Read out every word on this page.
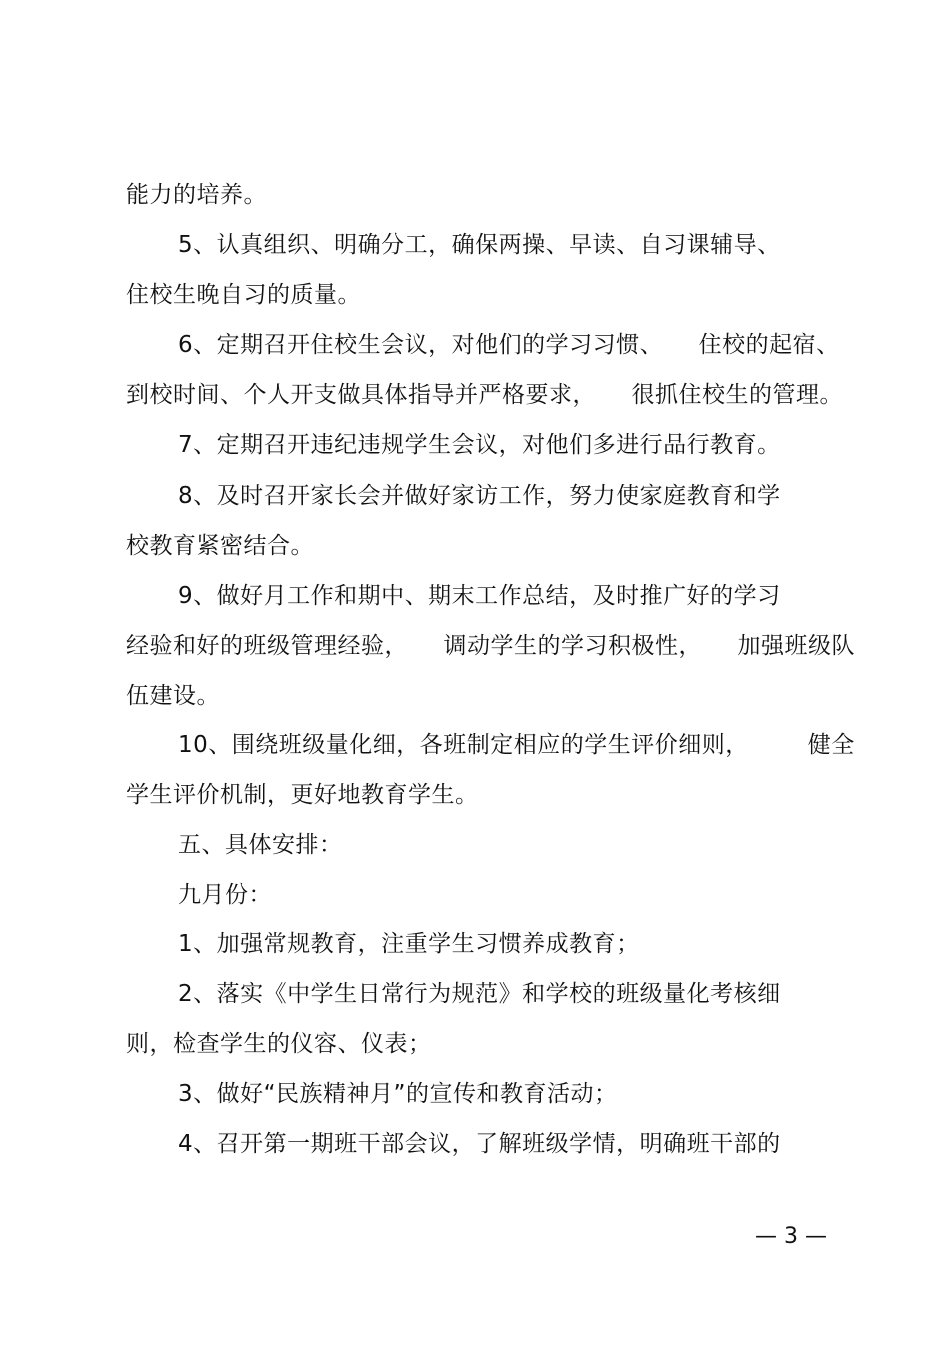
能力的培养。
5、认真组织、明确分工，确保两操、早读、自习课辅导、
住校生晚自习的质量。
6、定期召开住校生会议，对他们的学习习惯、　　住校的起宿、
到校时间、个人开支做具体指导并严格要求，　　很抓住校生的管理。
7、定期召开违纪违规学生会议，对他们多进行品行教育。
8、及时召开家长会并做好家访工作，努力使家庭教育和学
校教育紧密结合。
9、做好月工作和期中、期末工作总结，及时推广好的学习
经验和好的班级管理经验，　　调动学生的学习积极性，　　加强班级队
伍建设。
10、围绕班级量化细，各班制定相应的学生评价细则，　　　健全
学生评价机制，更好地教育学生。
五、具体安排：
九月份：
1、加强常规教育，注重学生习惯养成教育；
2、落实《中学生日常行为规范》和学校的班级量化考核细
则，检查学生的仪容、仪表；
3、做好“民族精神月”的宣传和教育活动；
4、召开第一期班干部会议，了解班级学情，明确班干部的
— 3 —
